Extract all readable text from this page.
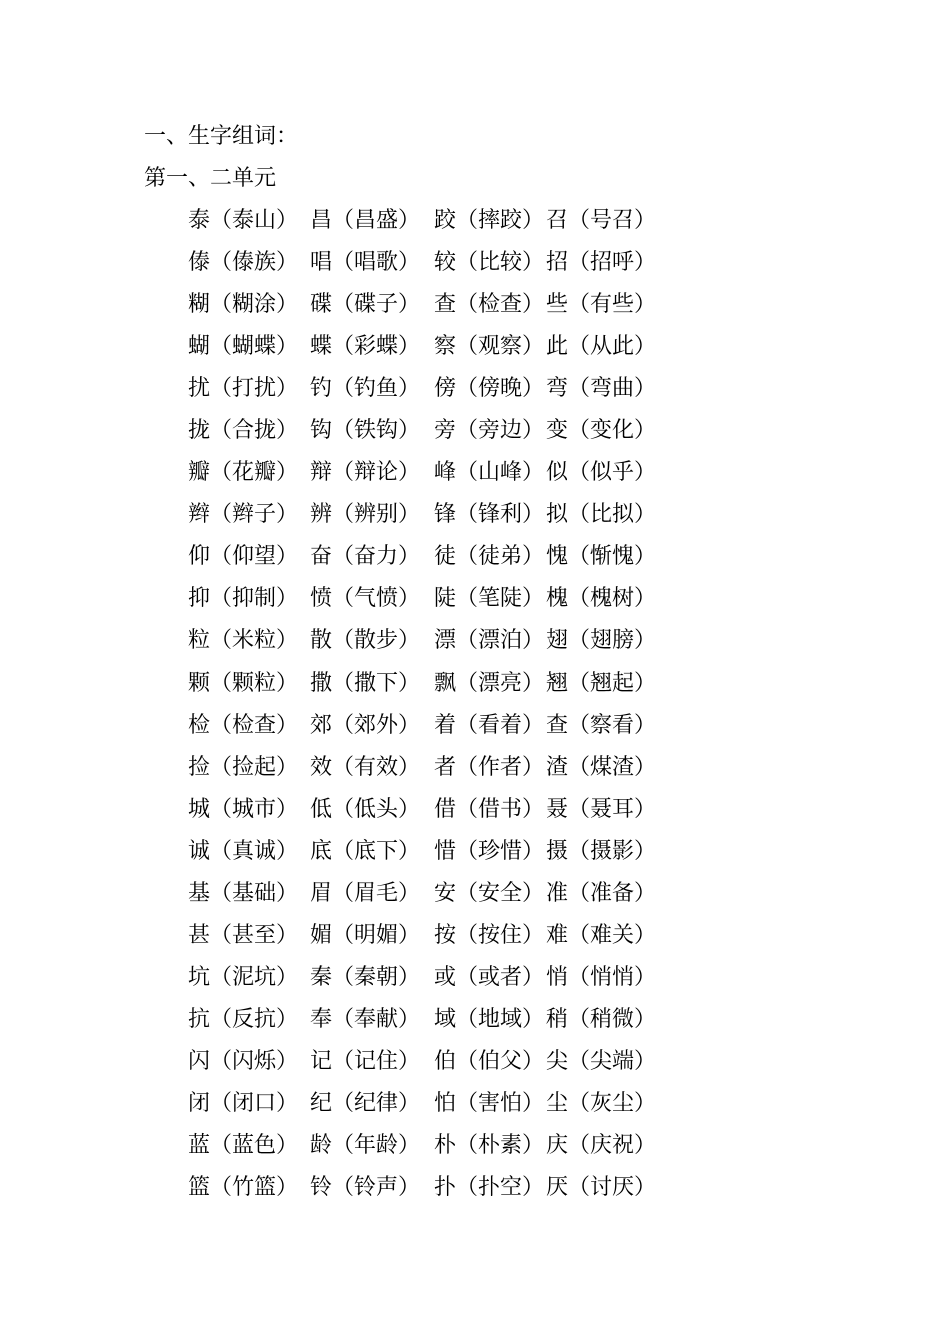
一、生字组词：
第一、二单元
泰（泰山） 昌（昌盛） 跤（摔跤） 召（号召）
傣（傣族） 唱（唱歌） 较（比较） 招（招呼）
糊（糊涂） 碟（碟子） 查（检查） 些（有些）
蝴（蝴蝶） 蝶（彩蝶） 察（观察） 此（从此）
扰（打扰） 钓（钓鱼） 傍（傍晚） 弯（弯曲）
拢（合拢） 钩（铁钩） 旁（旁边） 变（变化）
瓣（花瓣） 辩（辩论） 峰（山峰） 似（似乎）
辫（辫子） 辨（辨别） 锋（锋利） 拟（比拟）
仰（仰望） 奋（奋力） 徒（徒弟） 愧（惭愧）
抑（抑制） 愤（气愤） 陡（笔陡） 槐（槐树）
粒（米粒） 散（散步） 漂（漂泊） 翅（翅膀）
颗（颗粒） 撒（撒下） 飘（漂亮） 翘（翘起）
检（检查） 郊（郊外） 着（看着） 查（察看）
捡（捡起） 效（有效） 者（作者） 渣（煤渣）
城（城市） 低（低头） 借（借书） 聂（聂耳）
诚（真诚） 底（底下） 惜（珍惜） 摄（摄影）
基（基础） 眉（眉毛） 安（安全） 准（准备）
甚（甚至） 媚（明媚） 按（按住） 难（难关）
坑（泥坑） 秦（秦朝） 或（或者） 悄（悄悄）
抗（反抗） 奉（奉献） 域（地域） 稍（稍微）
闪（闪烁） 记（记住） 伯（伯父） 尖（尖端）
闭（闭口） 纪（纪律） 怕（害怕） 尘（灰尘）
蓝（蓝色） 龄（年龄） 朴（朴素） 庆（庆祝）
篮（竹篮） 铃（铃声） 扑（扑空） 厌（讨厌）
